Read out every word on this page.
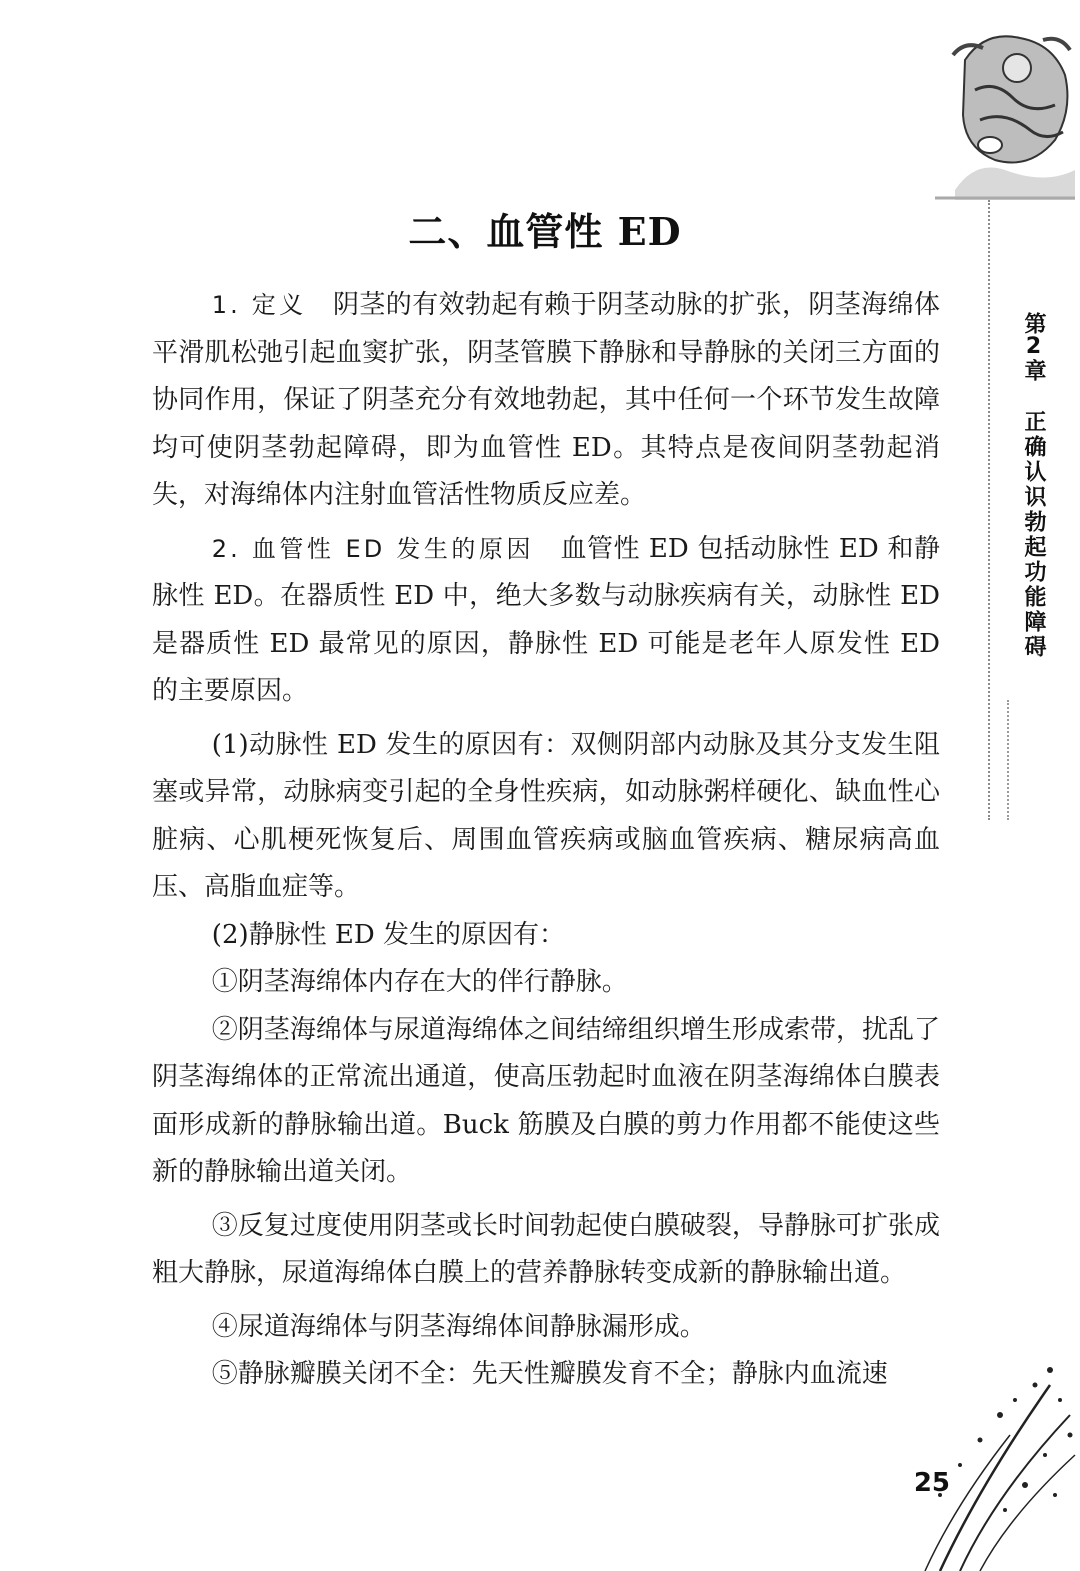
第2章
正确认识勃起功能障碍
二、血管性 ED

1. 定义　 阴茎的有效勃起有赖于阴茎动脉的扩张，阴茎海绵体平滑肌松弛引起血窦扩张，阴茎管膜下静脉和导静脉的关闭三方面的协同作用，保证了阴茎充分有效地勃起，其中任何一个环节发生故障均可使阴茎勃起障碍，即为血管性 ED。其特点是夜间阴茎勃起消失，对海绵体内注射血管活性物质反应差。

2. 血管性 ED 发生的原因　 血管性 ED 包括动脉性 ED 和静脉性 ED。在器质性 ED 中，绝大多数与动脉疾病有关，动脉性 ED 是器质性 ED 最常见的原因，静脉性 ED 可能是老年人原发性 ED 的主要原因。

(1)动脉性 ED 发生的原因有：双侧阴部内动脉及其分支发生阻塞或异常，动脉病变引起的全身性疾病，如动脉粥样硬化、缺血性心脏病、心肌梗死恢复后、周围血管疾病或脑血管疾病、糖尿病高血压、高脂血症等。

(2)静脉性 ED 发生的原因有：

①阴茎海绵体内存在大的伴行静脉。

②阴茎海绵体与尿道海绵体之间结缔组织增生形成索带，扰乱了阴茎海绵体的正常流出通道，使高压勃起时血液在阴茎海绵体白膜表面形成新的静脉输出道。Buck 筋膜及白膜的剪力作用都不能使这些新的静脉输出道关闭。

③反复过度使用阴茎或长时间勃起使白膜破裂，导静脉可扩张成粗大静脉，尿道海绵体白膜上的营养静脉转变成新的静脉输出道。

④尿道海绵体与阴茎海绵体间静脉漏形成。

⑤静脉瓣膜关闭不全：先天性瓣膜发育不全；静脉内血流速

25
